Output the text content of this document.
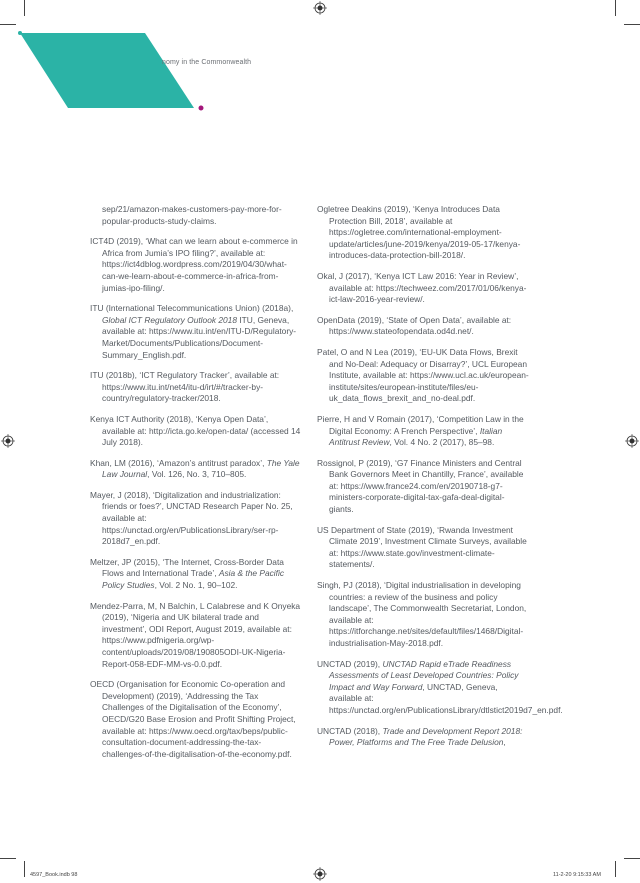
nomy in the Commonwealth

sep/21/amazon-makes-customers-pay-more-for-popular-products-study-claims.

ICT4D (2019), ‘What can we learn about e-commerce in Africa from Jumia’s IPO filing?’, available at: https://ict4dblog.wordpress.com/2019/04/30/what-can-we-learn-about-e-commerce-in-africa-from-jumias-ipo-filing/.

ITU (International Telecommunications Union) (2018a), Global ICT Regulatory Outlook 2018 ITU, Geneva, available at: https://www.itu.int/en/ITU-D/Regulatory-Market/Documents/Publications/Document-Summary_English.pdf.

ITU (2018b), ‘ICT Regulatory Tracker’, available at: https://www.itu.int/net4/itu-d/irt/#/tracker-by-country/regulatory-tracker/2018.

Kenya ICT Authority (2018), ‘Kenya Open Data’, available at: http://icta.go.ke/open-data/ (accessed 14 July 2018).

Khan, LM (2016), ‘Amazon’s antitrust paradox’, The Yale Law Journal, Vol. 126, No. 3, 710–805.

Mayer, J (2018), ‘Digitalization and industrialization: friends or foes?’, UNCTAD Research Paper No. 25, available at: https://unctad.org/en/PublicationsLibrary/ser-rp-2018d7_en.pdf.

Meltzer, JP (2015), ‘The Internet, Cross-Border Data Flows and International Trade’, Asia & the Pacific Policy Studies, Vol. 2 No. 1, 90–102.

Mendez-Parra, M, N Balchin, L Calabrese and K Onyeka (2019), ‘Nigeria and UK bilateral trade and investment’, ODI Report, August 2019, available at: https://www.pdfnigeria.org/wp-content/uploads/2019/08/190805ODI-UK-Nigeria-Report-058-EDF-MM-vs-0.0.pdf.

OECD (Organisation for Economic Co-operation and Development) (2019), ‘Addressing the Tax Challenges of the Digitalisation of the Economy’, OECD/G20 Base Erosion and Profit Shifting Project, available at: https://www.oecd.org/tax/beps/public-consultation-document-addressing-the-tax-challenges-of-the-digitalisation-of-the-economy.pdf.

Ogletree Deakins (2019), ‘Kenya Introduces Data Protection Bill, 2018’, available at https://ogletree.com/international-employment-update/articles/june-2019/kenya/2019-05-17/kenya-introduces-data-protection-bill-2018/.

Okal, J (2017), ‘Kenya ICT Law 2016: Year in Review’, available at: https://techweez.com/2017/01/06/kenya-ict-law-2016-year-review/.

OpenData (2019), ‘State of Open Data’, available at: https://www.stateofopendata.od4d.net/.

Patel, O and N Lea (2019), ‘EU-UK Data Flows, Brexit and No-Deal: Adequacy or Disarray?’, UCL European Institute, available at: https://www.ucl.ac.uk/european-institute/sites/european-institute/files/eu-uk_data_flows_brexit_and_no-deal.pdf.

Pierre, H and V Romain (2017), ‘Competition Law in the Digital Economy: A French Perspective’, Italian Antitrust Review, Vol. 4 No. 2 (2017), 85–98.

Rossignol, P (2019), ‘G7 Finance Ministers and Central Bank Governors Meet in Chantilly, France’, available at: https://www.france24.com/en/20190718-g7-ministers-corporate-digital-tax-gafa-deal-digital-giants.

US Department of State (2019), ‘Rwanda Investment Climate 2019’, Investment Climate Surveys, available at: https://www.state.gov/investment-climate-statements/.

Singh, PJ (2018), ‘Digital industrialisation in developing countries: a review of the business and policy landscape’, The Commonwealth Secretariat, London, available at: https://itforchange.net/sites/default/files/1468/Digital-industrialisation-May-2018.pdf.

UNCTAD (2019), UNCTAD Rapid eTrade Readiness Assessments of Least Developed Countries: Policy Impact and Way Forward, UNCTAD, Geneva, available at: https://unctad.org/en/PublicationsLibrary/dtlstict2019d7_en.pdf.

UNCTAD (2018), Trade and Development Report 2018: Power, Platforms and The Free Trade Delusion,

4597_Book.indb 98	11-2-20 9:15:33 AM
